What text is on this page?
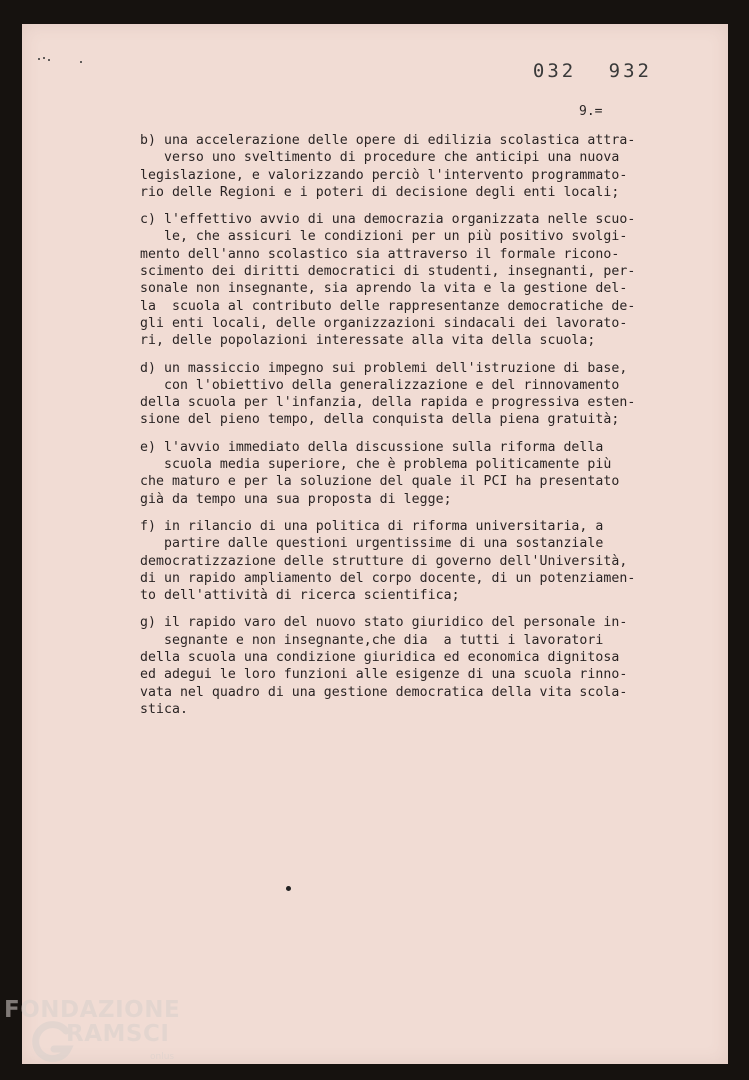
032 932
9.=
b) una accelerazione delle opere di edilizia scolastica attra-
verso uno sveltimento di procedure che anticipi una nuova
legislazione, e valorizzando perciò l'intervento programmato-
rio delle Regioni e i poteri di decisione degli enti locali;
c) l'effettivo avvio di una democrazia organizzata nelle scuo-
le, che assicuri le condizioni per un più positivo svolgi-
mento dell'anno scolastico sia attraverso il formale ricono-
scimento dei diritti democratici di studenti, insegnanti, per-
sonale non insegnante, sia aprendo la vita e la gestione del-
la  scuola al contributo delle rappresentanze democratiche de-
gli enti locali, delle organizzazioni sindacali dei lavorato-
ri, delle popolazioni interessate alla vita della scuola;
d) un massiccio impegno sui problemi dell'istruzione di base,
con l'obiettivo della generalizzazione e del rinnovamento
della scuola per l'infanzia, della rapida e progressiva esten-
sione del pieno tempo, della conquista della piena gratuità;
e) l'avvio immediato della discussione sulla riforma della
scuola media superiore, che è problema politicamente più
che maturo e per la soluzione del quale il PCI ha presentato
già da tempo una sua proposta di legge;
f) in rilancio di una politica di riforma universitaria, a
partire dalle questioni urgentissime di una sostanziale
democratizzazione delle strutture di governo dell'Università,
di un rapido ampliamento del corpo docente, di un potenziamen-
to dell'attività di ricerca scientifica;
g) il rapido varo del nuovo stato giuridico del personale in-
segnante e non insegnante,che dia  a tutti i lavoratori
della scuola una condizione giuridica ed economica dignitosa
ed adegui le loro funzioni alle esigenze di una scuola rinno-
vata nel quadro di una gestione democratica della vita scola-
stica.
FONDAZIONE
RAMSCI
onlus
